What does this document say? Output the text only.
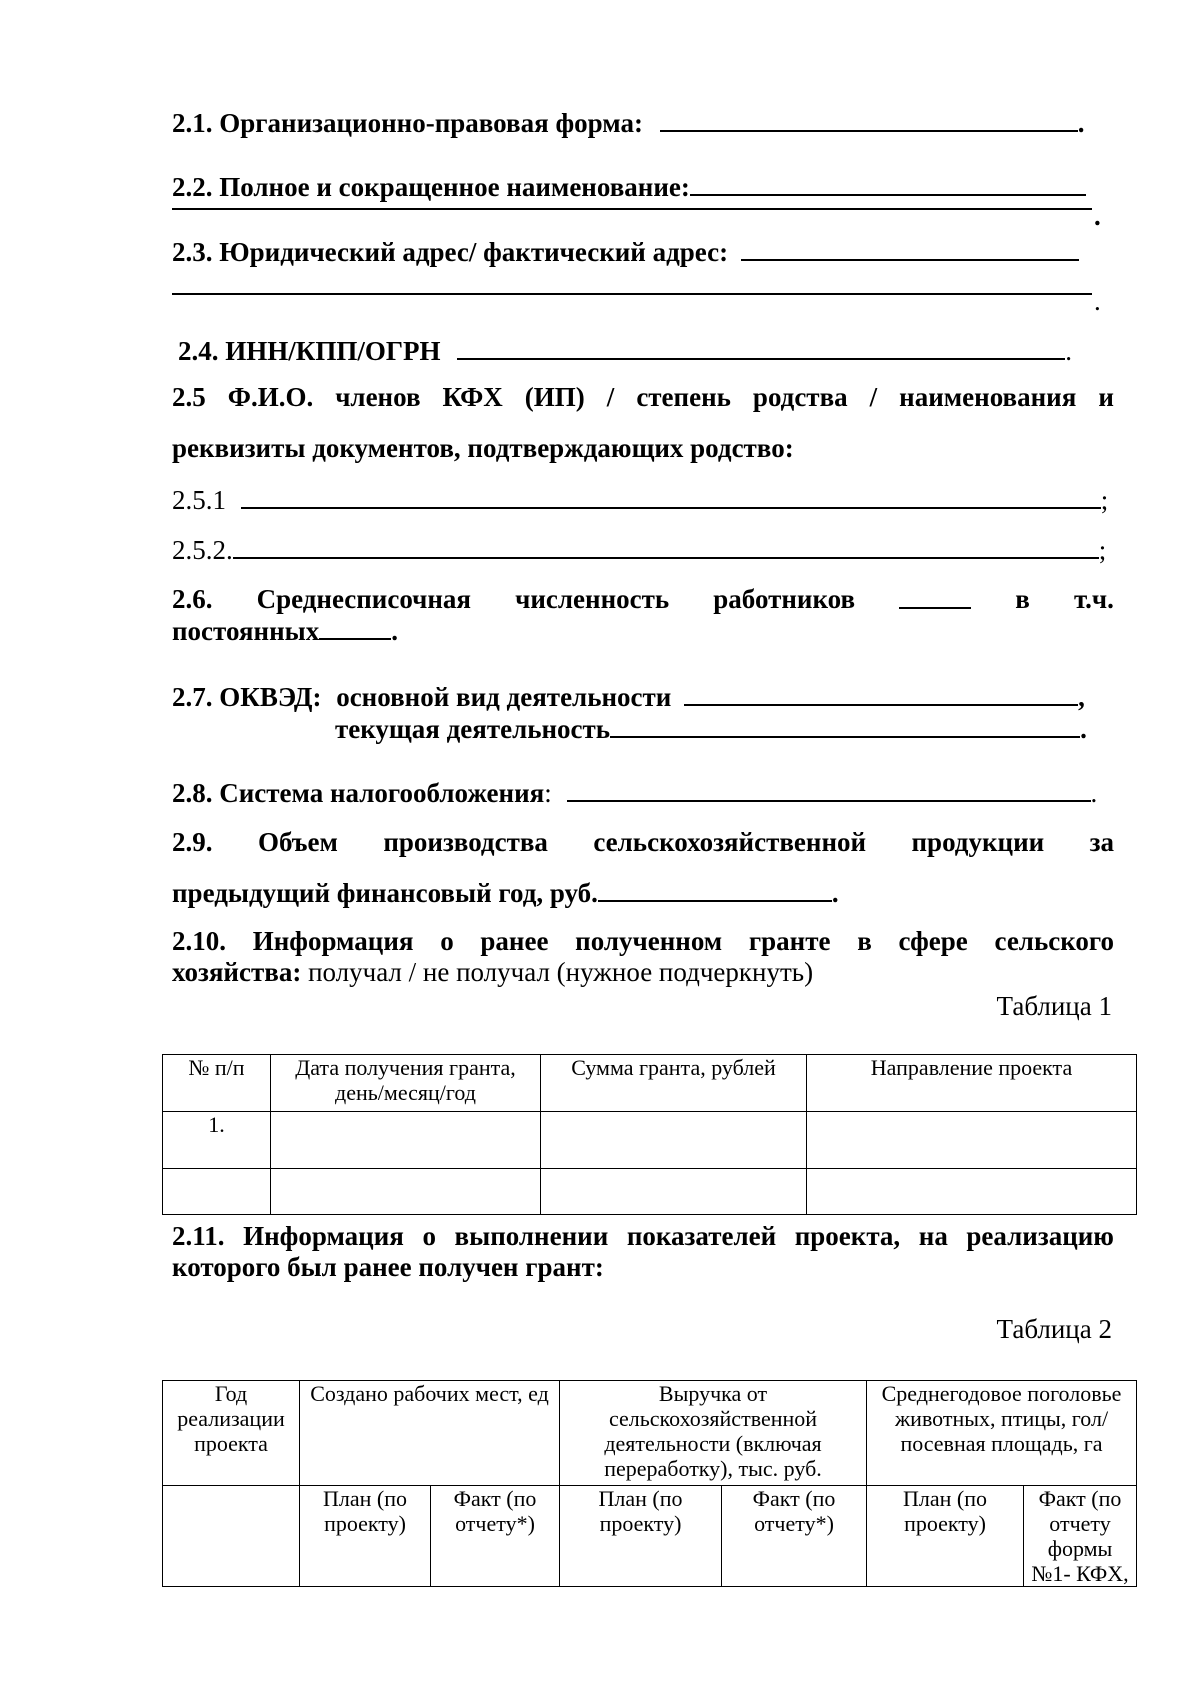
2.1. Организационно-правовая форма:	.
2.2. Полное и сокращенное наименование:
.
2.3. Юридический адрес/ фактический адрес:
.
2.4. ИНН/КПП/ОГРН	.
2.5 Ф.И.О. членов КФХ (ИП) / степень родства / наименования и
реквизиты документов, подтверждающих родство:
2.5.1	;
2.5.2.	;
2.6. Среднесписочная численность работников	в т.ч.
постоянных	.
2.7. ОКВЭД: основной вид деятельности	,
текущая деятельность	.
2.8. Система налогообложения:	.
2.9. Объем производства сельскохозяйственной продукции за
предыдущий финансовый год, руб.	.
2.10. Информация о ранее полученном гранте в сфере сельского
хозяйства: получал / не получал (нужное подчеркнуть)
Таблица 1
№ п/п	Дата получения гранта, день/месяц/год	Сумма гранта, рублей	Направление проекта
1.			

2.11. Информация о выполнении показателей проекта, на реализацию
которого был ранее получен грант:
Таблица 2
Год реализации проекта	Создано рабочих мест, ед		Выручка от сельскохозяйственной деятельности (включая переработку), тыс. руб.		Среднегодовое поголовье животных, птицы, гол/ посевная площадь, га	
	План (по проекту)	Факт (по отчету*)	План (по проекту)	Факт (по отчету*)	План (по проекту)	Факт (по отчету формы №1- КФХ,
